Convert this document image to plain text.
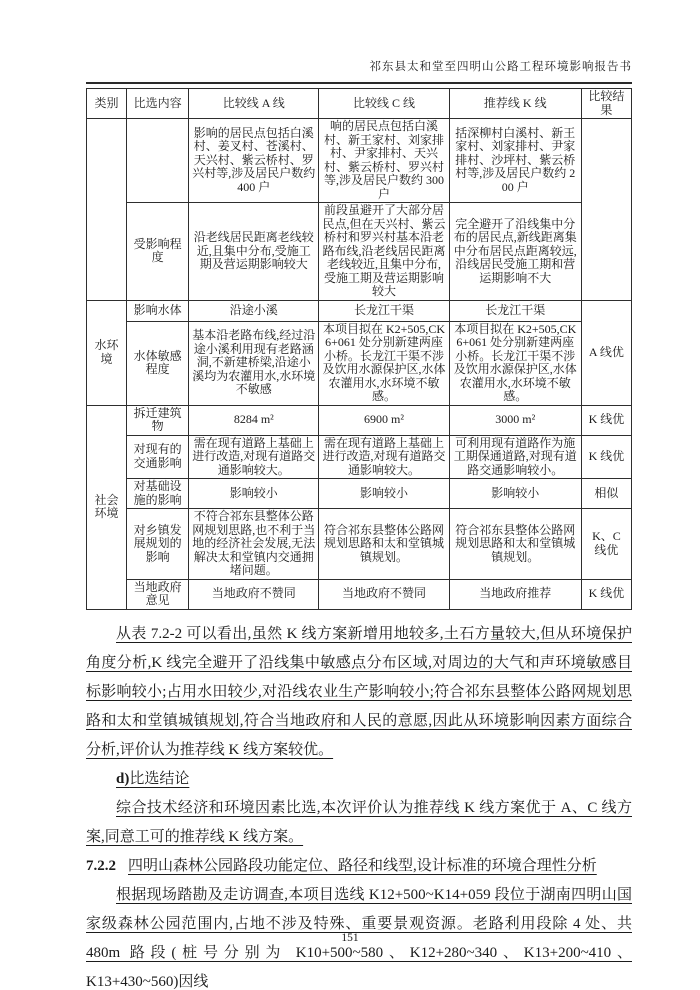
祁东县太和堂至四明山公路工程环境影响报告书
类别	比选内容	比较线 A 线	比较线 C 线	推荐线 K 线	比较结果
		影响的居民点包括白溪村、姜叉村、苍溪村、天兴村、紫云桥村、罗兴村等,涉及居民户数约 400 户	响的居民点包括白溪村、新王家村、刘家排村、尹家排村、天兴村、紫云桥村、罗兴村等,涉及居民户数约 300 户	括深柳村白溪村、新王家村、刘家排村、尹家排村、沙坪村、紫云桥村等,涉及居民户数约 200 户	
	受影响程度	沿老线居民距离老线较近,且集中分布,受施工期及营运期影响较大	前段虽避开了大部分居民点,但在天兴村、紫云桥村和罗兴村基本沿老路布线,沿老线居民距离老线较近,且集中分布,受施工期及营运期影响较大	完全避开了沿线集中分布的居民点,新线距离集中分布居民点距离较远,沿线居民受施工期和营运期影响不大	
水环境	影响水体	沿途小溪	长龙江干渠	长龙江干渠	A 线优
	水体敏感程度	基本沿老路布线,经过沿途小溪利用现有老路涵洞,不新建桥梁,沿途小溪均为农灌用水,水环境不敏感	本项目拟在 K2+505,CK6+061 处分别新建两座小桥。长龙江干渠不涉及饮用水源保护区,水体农灌用水,水环境不敏感。	本项目拟在 K2+505,CK6+061 处分别新建两座小桥。长龙江干渠不涉及饮用水源保护区,水体农灌用水,水环境不敏感。	
社会环境	拆迁建筑物	8284 m²	6900 m²	3000 m²	K 线优
	对现有的交通影响	需在现有道路上基础上进行改造,对现有道路交通影响较大。	需在现有道路上基础上进行改造,对现有道路交通影响较大。	可利用现有道路作为施工期保通道路,对现有道路交通影响较小。	K 线优
	对基础设施的影响	影响较小	影响较小	影响较小	相似
	对乡镇发展规划的影响	不符合祁东县整体公路网规划思路,也不利于当地的经济社会发展,无法解决太和堂镇内交通拥堵问题。	符合祁东县整体公路网规划思路和太和堂镇城镇规划。	符合祁东县整体公路网规划思路和太和堂镇城镇规划。	K、C 线优
	当地政府意见	当地政府不赞同	当地政府不赞同	当地政府推荐	K 线优

从表 7.2-2 可以看出,虽然 K 线方案新增用地较多,土石方量较大,但从环境保护角度分析,K 线完全避开了沿线集中敏感点分布区域,对周边的大气和声环境敏感目标影响较小;占用水田较少,对沿线农业生产影响较小;符合祁东县整体公路网规划思路和太和堂镇城镇规划,符合当地政府和人民的意愿,因此从环境影响因素方面综合分析,评价认为推荐线 K 线方案较优。

d)比选结论

综合技术经济和环境因素比选,本次评价认为推荐线 K 线方案优于 A、C 线方案,同意工可的推荐线 K 线方案。

7.2.2 四明山森林公园路段功能定位、路径和线型,设计标准的环境合理性分析

根据现场踏勘及走访调查,本项目选线 K12+500~K14+059 段位于湖南四明山国家级森林公园范围内,占地不涉及特殊、重要景观资源。老路利用段除 4 处、共 480m 路段(桩号分别为 K10+500~580、K12+280~340、K13+200~410、K13+430~560)因线

151
